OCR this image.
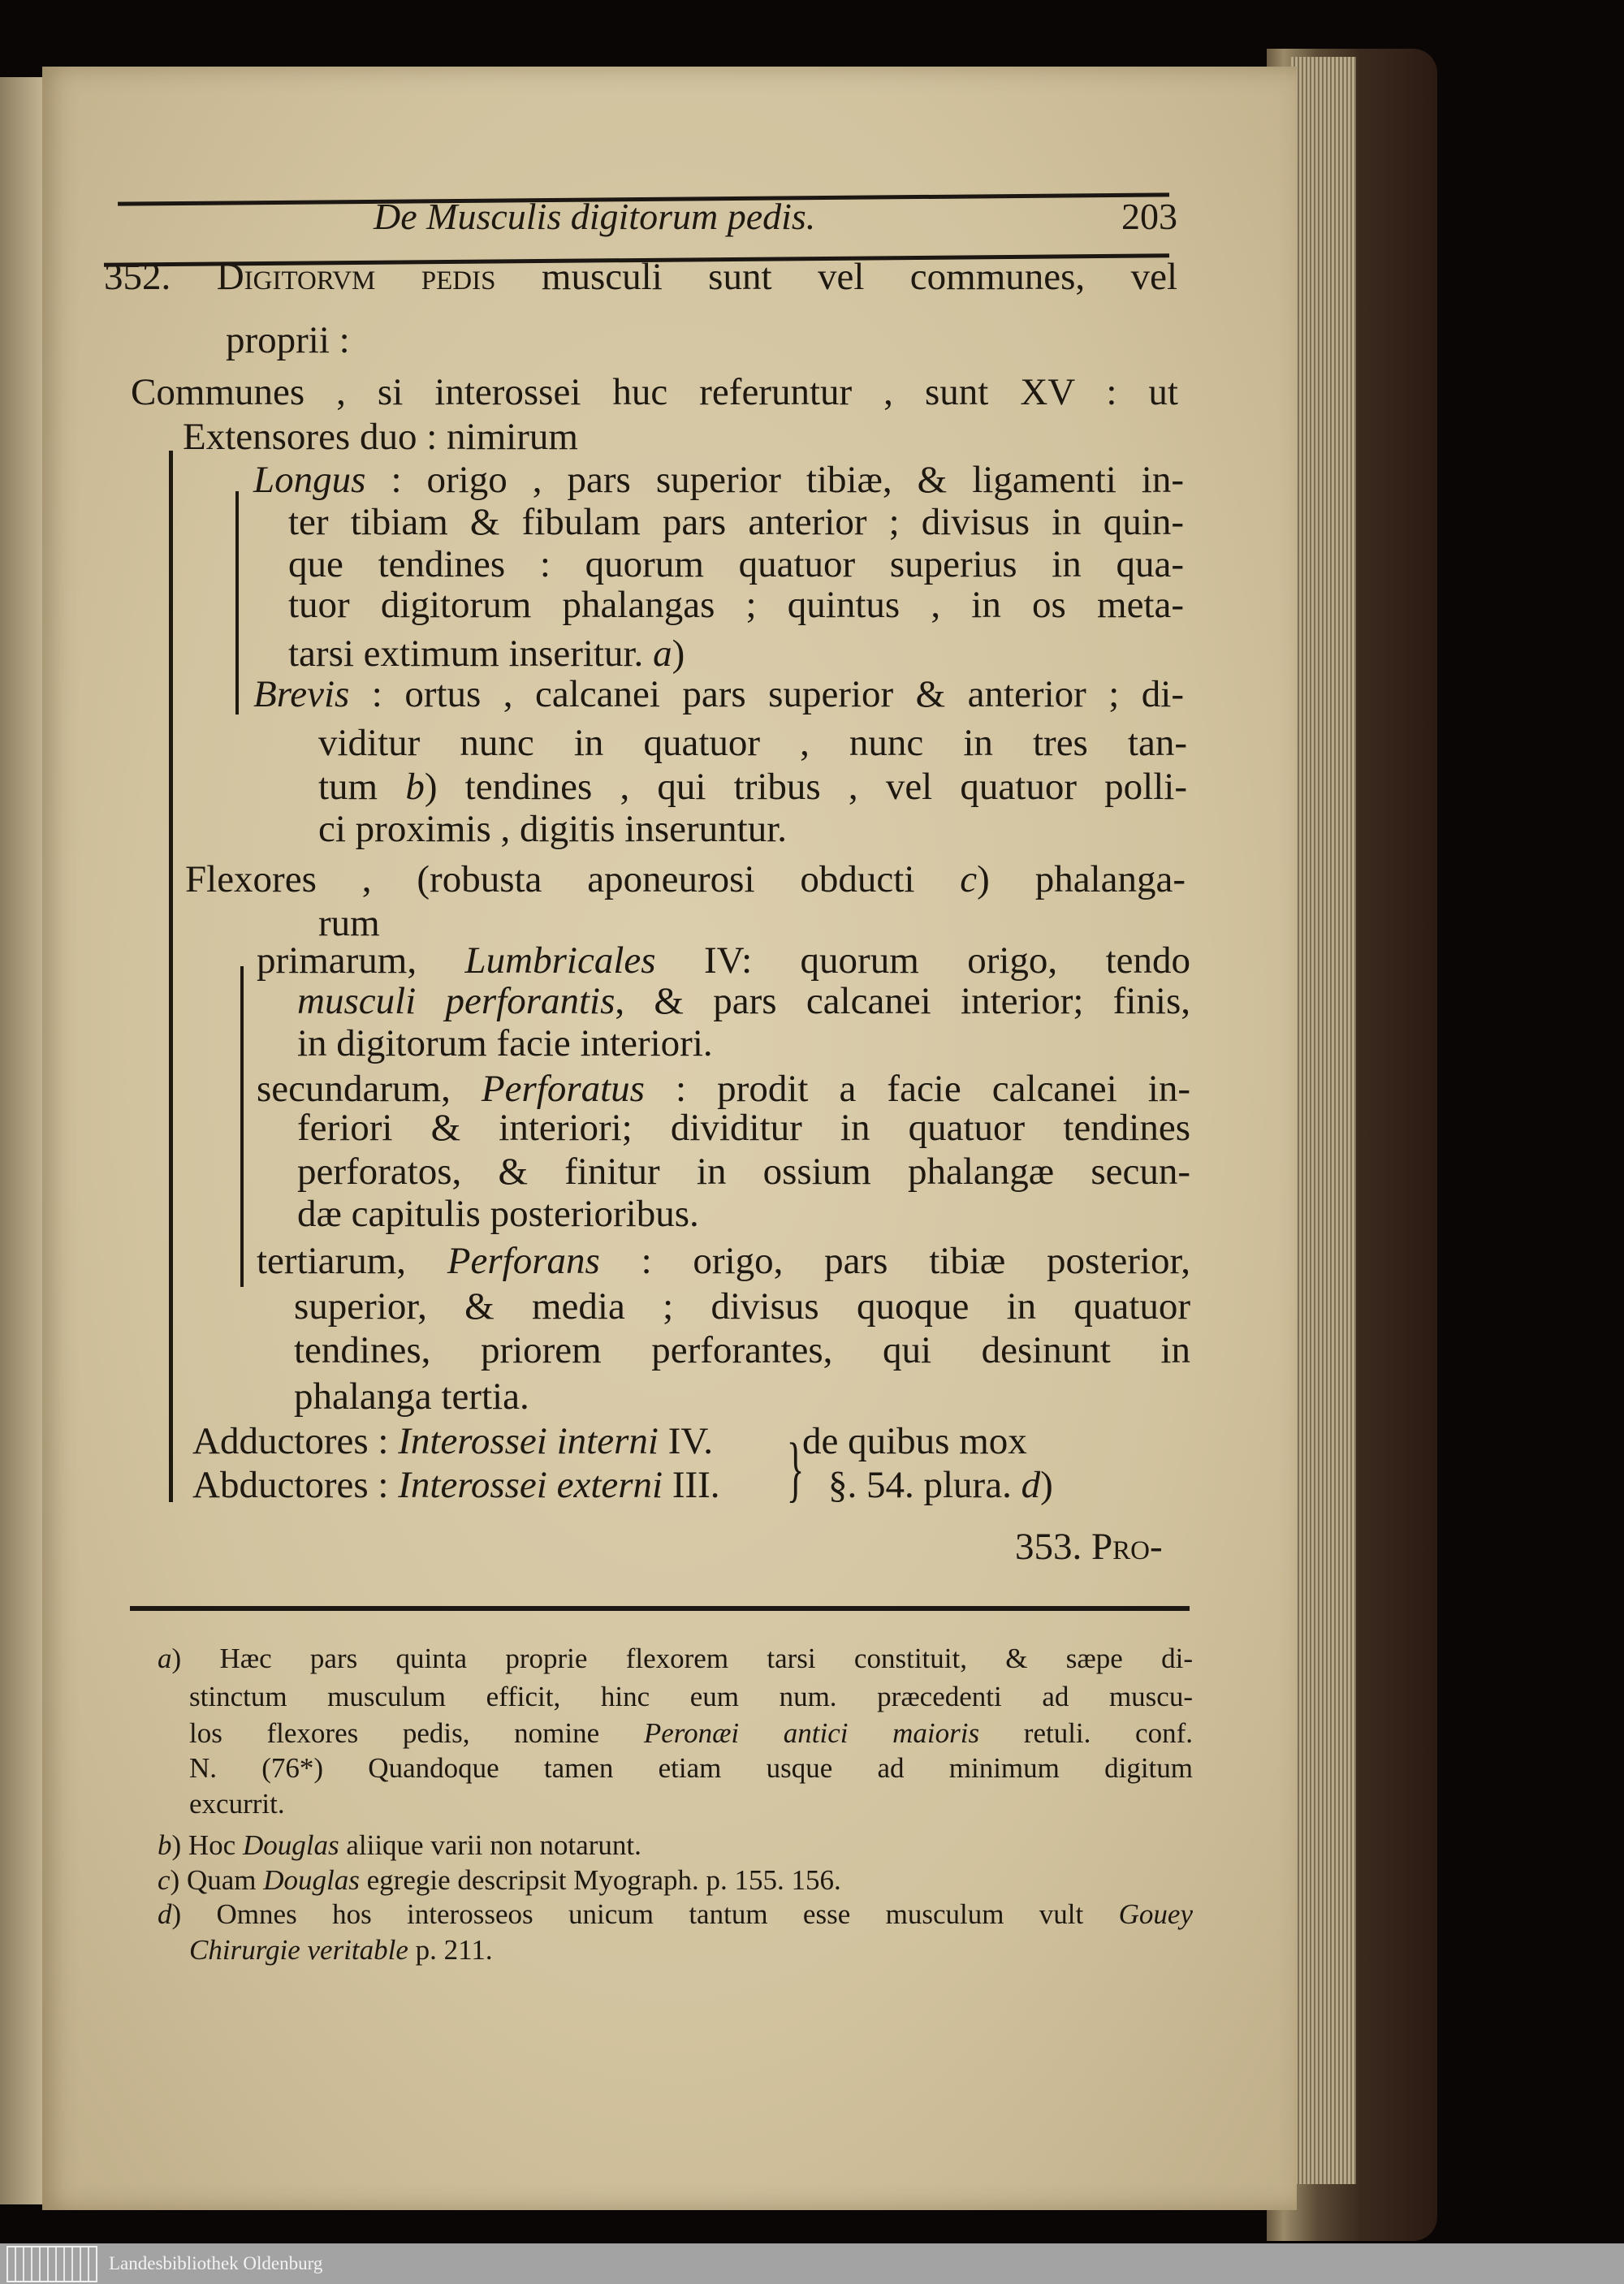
De Musculis digitorum pedis.	203
352. Digitorvm pedis musculi sunt vel communes, vel
proprii :
Communes , si interossei huc referuntur , sunt XV : ut
Extensores duo : nimirum
Longus : origo , pars superior tibiæ, & ligamenti in-
ter tibiam & fibulam pars anterior ; divisus in quin-
que tendines : quorum quatuor superius in qua-
tuor digitorum phalangas ; quintus , in os meta-
tarsi extimum inseritur. a)
Brevis : ortus , calcanei pars superior & anterior ; di-
viditur nunc in quatuor , nunc in tres tan-
tum b) tendines , qui tribus , vel quatuor polli-
ci proximis , digitis inseruntur.
Flexores , (robusta aponeurosi obducti c) phalanga-
rum
primarum, Lumbricales IV: quorum origo, tendo
musculi perforantis, & pars calcanei interior; finis,
in digitorum facie interiori.
secundarum, Perforatus : prodit a facie calcanei in-
feriori & interiori; dividitur in quatuor tendines
perforatos, & finitur in ossium phalangæ secun-
dæ capitulis posterioribus.
tertiarum, Perforans : origo, pars tibiæ posterior,
superior, & media ; divisus quoque in quatuor
tendines, priorem perforantes, qui desinunt in
phalanga tertia.
Adductores : Interossei interni IV.
Abductores : Interossei externi III.
de quibus mox
§. 54. plura. d)
353. Pro-
}
a) Hæc pars quinta proprie flexorem tarsi constituit, & sæpe di-
stinctum musculum efficit, hinc eum num. præcedenti ad muscu-
los flexores pedis, nomine Peronæi antici maioris retuli. conf.
N. (76*) Quandoque tamen etiam usque ad minimum digitum
excurrit.
b) Hoc Douglas aliique varii non notarunt.
c) Quam Douglas egregie descripsit Myograph. p. 155. 156.
d) Omnes hos interosseos unicum tantum esse musculum vult Gouey
Chirurgie veritable p. 211.
Landesbibliothek Oldenburg
